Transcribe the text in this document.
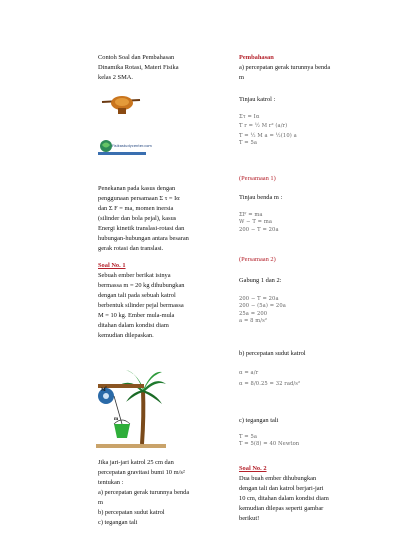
Contoh Soal dan Pembahasan

Dinamika Rotasi, Materi Fisika

kelas 2 SMA.

Fisikastudycenter.com

Penekanan pada kasus dengan

penggunaan persamaan Σ τ = Iα

dan Σ F = ma, momen inersia

(silinder dan bola pejal), kasus

Energi kinetik translasi-rotasi dan

hubungan-hubungan antara besaran

gerak rotasi dan translasi.

Soal No. 1

Sebuah ember berikat isinya

bermassa m = 20 kg dihubungkan

dengan tali pada sebuah katrol

berbentuk silinder pejal bermassa

M = 10 kg. Ember mula-mula

ditahan dalam kondisi diam

kemudian dilepaskan.

M
m

Jika jari-jari katrol 25 cm dan

percepatan gravitasi bumi 10 m/s²

tentukan :

a) percepatan gerak turunnya benda

m

b) percepatan sudut katrol

c) tegangan tali

Pembahasan

a) percepatan gerak turunnya benda

m

Tinjau katrol :

Στ = Iα
T r = ½ M r² (a/r)
T = ½ M a = ½(10) a
T = 5a

(Persamaan 1)

Tinjau benda m :

ΣF = ma
W − T = ma
200 − T = 20a

(Persamaan 2)

Gabung 1 dan 2:

200 − T = 20a
200 − (5a) = 20a
25a = 200
a = 8 m/s²

b) percepatan sudut katrol

α = a/r
α = 8/0.25 = 32 rad/s²

c) tegangan tali

T = 5a
T = 5(8) = 40 Newton

Soal No. 2

Dua buah ember dihubungkan

dengan tali dan katrol berjari-jari

10 cm, ditahan dalam kondisi diam

kemudian dilepas seperti gambar

berikut!
